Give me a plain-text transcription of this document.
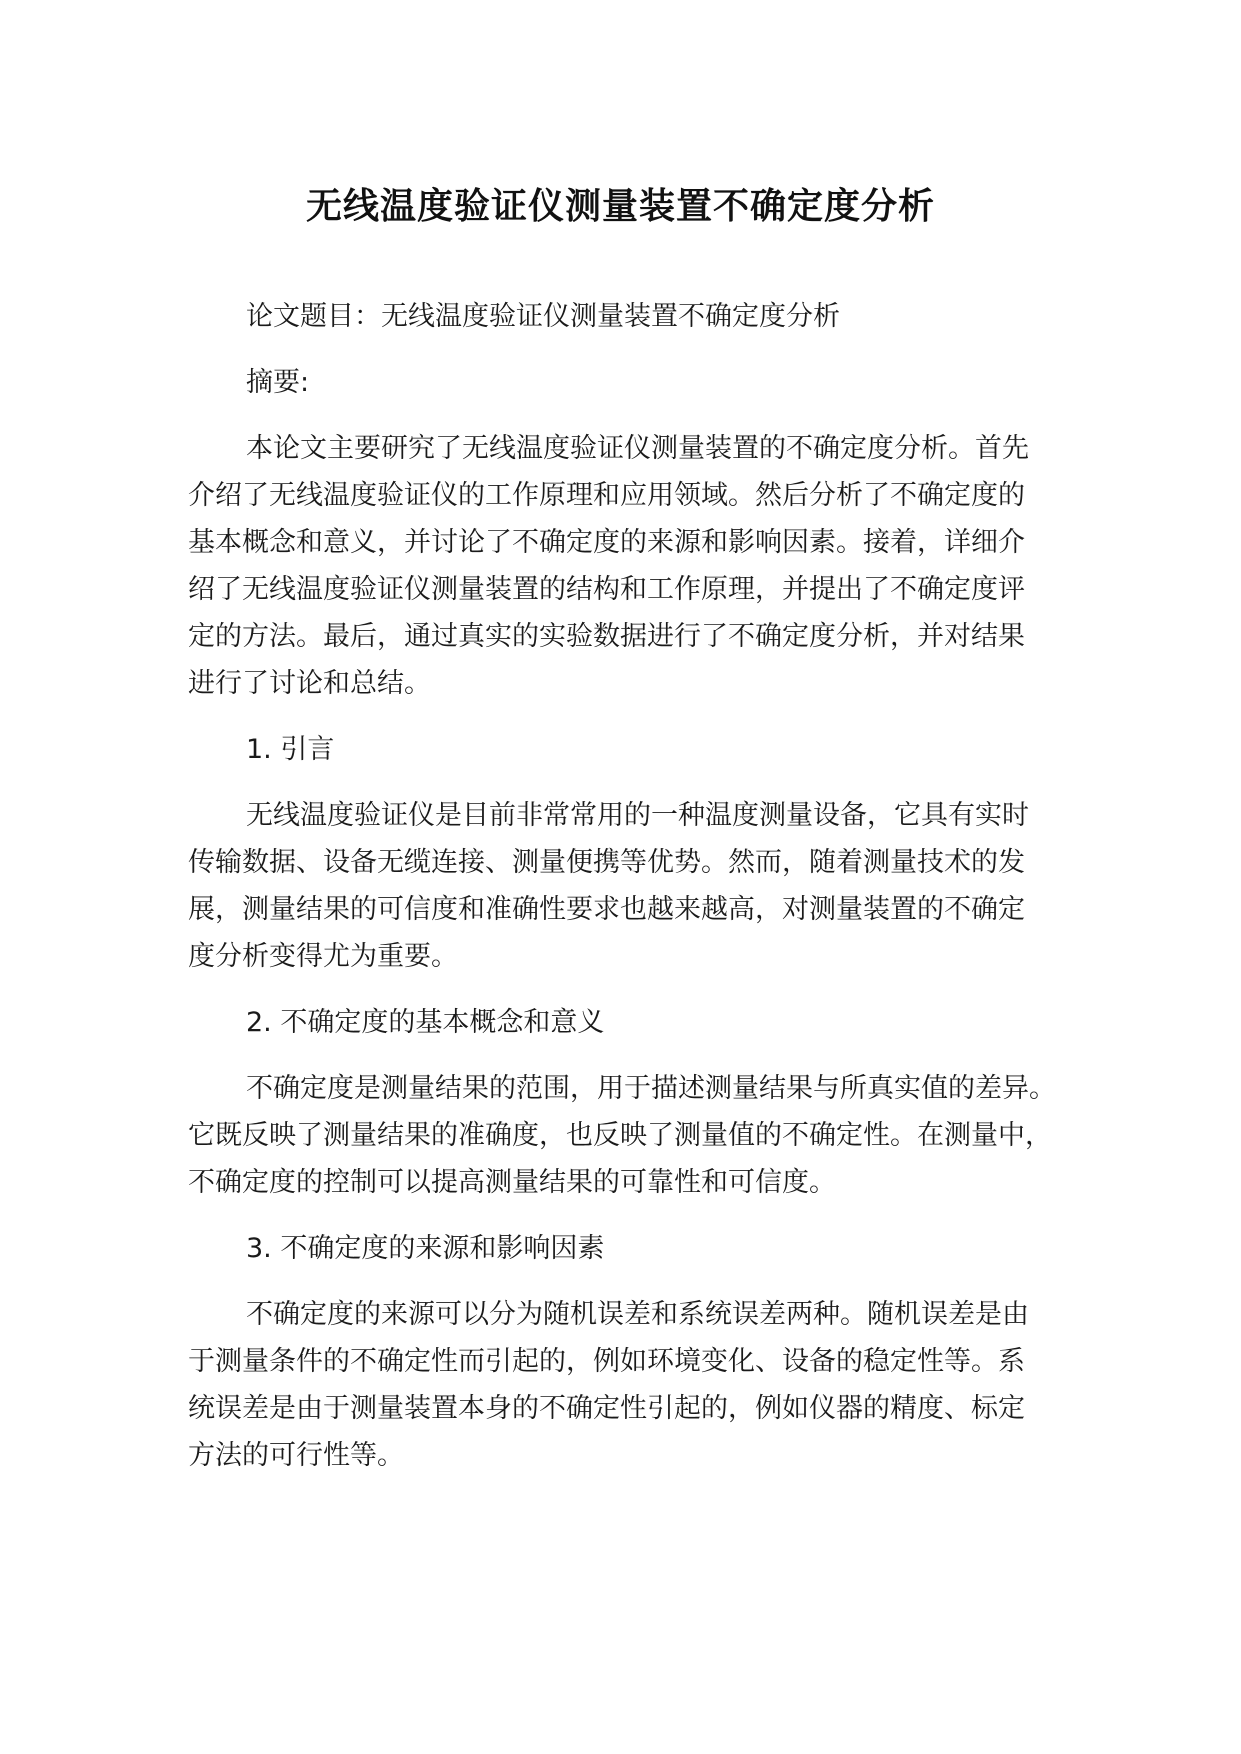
无线温度验证仪测量装置不确定度分析
论文题目：无线温度验证仪测量装置不确定度分析
摘要:
本论文主要研究了无线温度验证仪测量装置的不确定度分析。首先
介绍了无线温度验证仪的工作原理和应用领域。然后分析了不确定度的
基本概念和意义，并讨论了不确定度的来源和影响因素。接着，详细介
绍了无线温度验证仪测量装置的结构和工作原理，并提出了不确定度评
定的方法。最后，通过真实的实验数据进行了不确定度分析，并对结果
进行了讨论和总结。
1. 引言
无线温度验证仪是目前非常常用的一种温度测量设备，它具有实时
传输数据、设备无缆连接、测量便携等优势。然而，随着测量技术的发
展，测量结果的可信度和准确性要求也越来越高，对测量装置的不确定
度分析变得尤为重要。
2. 不确定度的基本概念和意义
不确定度是测量结果的范围，用于描述测量结果与所真实值的差异。
它既反映了测量结果的准确度，也反映了测量值的不确定性。在测量中，
不确定度的控制可以提高测量结果的可靠性和可信度。
3. 不确定度的来源和影响因素
不确定度的来源可以分为随机误差和系统误差两种。随机误差是由
于测量条件的不确定性而引起的，例如环境变化、设备的稳定性等。系
统误差是由于测量装置本身的不确定性引起的，例如仪器的精度、标定
方法的可行性等。
